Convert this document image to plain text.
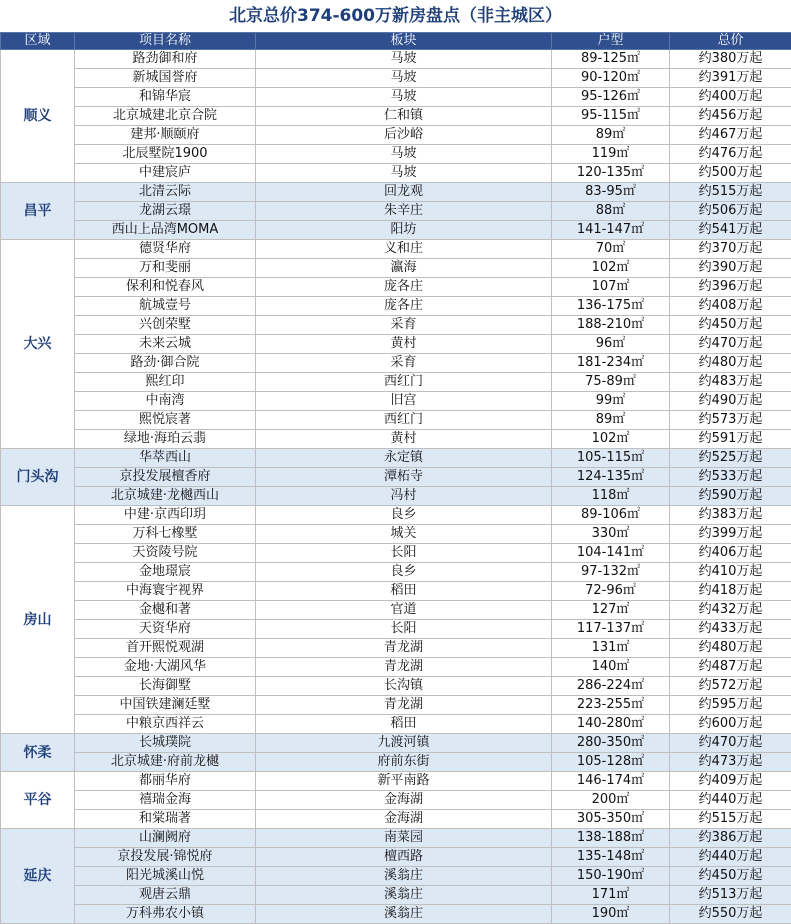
北京总价374-600万新房盘点（非主城区）
区域	项目名称	板块	户型	总价
顺义	路劲御和府	马坡	89-125㎡	约380万起
	新城国誉府	马坡	90-120㎡	约391万起
	和锦华宸	马坡	95-126㎡	约400万起
	北京城建北京合院	仁和镇	95-115㎡	约456万起
	建邦·顺颐府	后沙峪	89㎡	约467万起
	北辰墅院1900	马坡	119㎡	约476万起
	中建宸庐	马坡	120-135㎡	约500万起
昌平	北清云际	回龙观	83-95㎡	约515万起
	龙湖云璟	朱辛庄	88㎡	约506万起
	西山上品湾MOMA	阳坊	141-147㎡	约541万起
大兴	德贤华府	义和庄	70㎡	约370万起
	万和斐丽	瀛海	102㎡	约390万起
	保利和悦春风	庞各庄	107㎡	约396万起
	航城壹号	庞各庄	136-175㎡	约408万起
	兴创荣墅	采育	188-210㎡	约450万起
	未来云城	黄村	96㎡	约470万起
	路劲·御合院	采育	181-234㎡	约480万起
	熙红印	西红门	75-89㎡	约483万起
	中南湾	旧宫	99㎡	约490万起
	熙悦宸著	西红门	89㎡	约573万起
	绿地·海珀云翡	黄村	102㎡	约591万起
门头沟	华萃西山	永定镇	105-115㎡	约525万起
	京投发展檀香府	潭柘寺	124-135㎡	约533万起
	北京城建·龙樾西山	冯村	118㎡	约590万起
房山	中建·京西印玥	良乡	89-106㎡	约383万起
	万科七橡墅	城关	330㎡	约399万起
	天资陵号院	长阳	104-141㎡	约406万起
	金地璟宸	良乡	97-132㎡	约410万起
	中海寰宇视界	稻田	72-96㎡	约418万起
	金樾和著	官道	127㎡	约432万起
	天资华府	长阳	117-137㎡	约433万起
	首开熙悦观湖	青龙湖	131㎡	约480万起
	金地·大湖风华	青龙湖	140㎡	约487万起
	长海御墅	长沟镇	286-224㎡	约572万起
	中国铁建澜廷墅	青龙湖	223-255㎡	约595万起
	中粮京西祥云	稻田	140-280㎡	约600万起
怀柔	长城璞院	九渡河镇	280-350㎡	约470万起
	北京城建·府前龙樾	府前东街	105-128㎡	约473万起
平谷	都丽华府	新平南路	146-174㎡	约409万起
	禧瑞金海	金海湖	200㎡	约440万起
	和棠瑞著	金海湖	305-350㎡	约515万起
延庆	山澜阙府	南菜园	138-188㎡	约386万起
	京投发展·锦悦府	檀西路	135-148㎡	约440万起
	阳光城溪山悦	溪翁庄	150-190㎡	约450万起
	观唐云鼎	溪翁庄	171㎡	约513万起
	万科弗农小镇	溪翁庄	190㎡	约550万起
